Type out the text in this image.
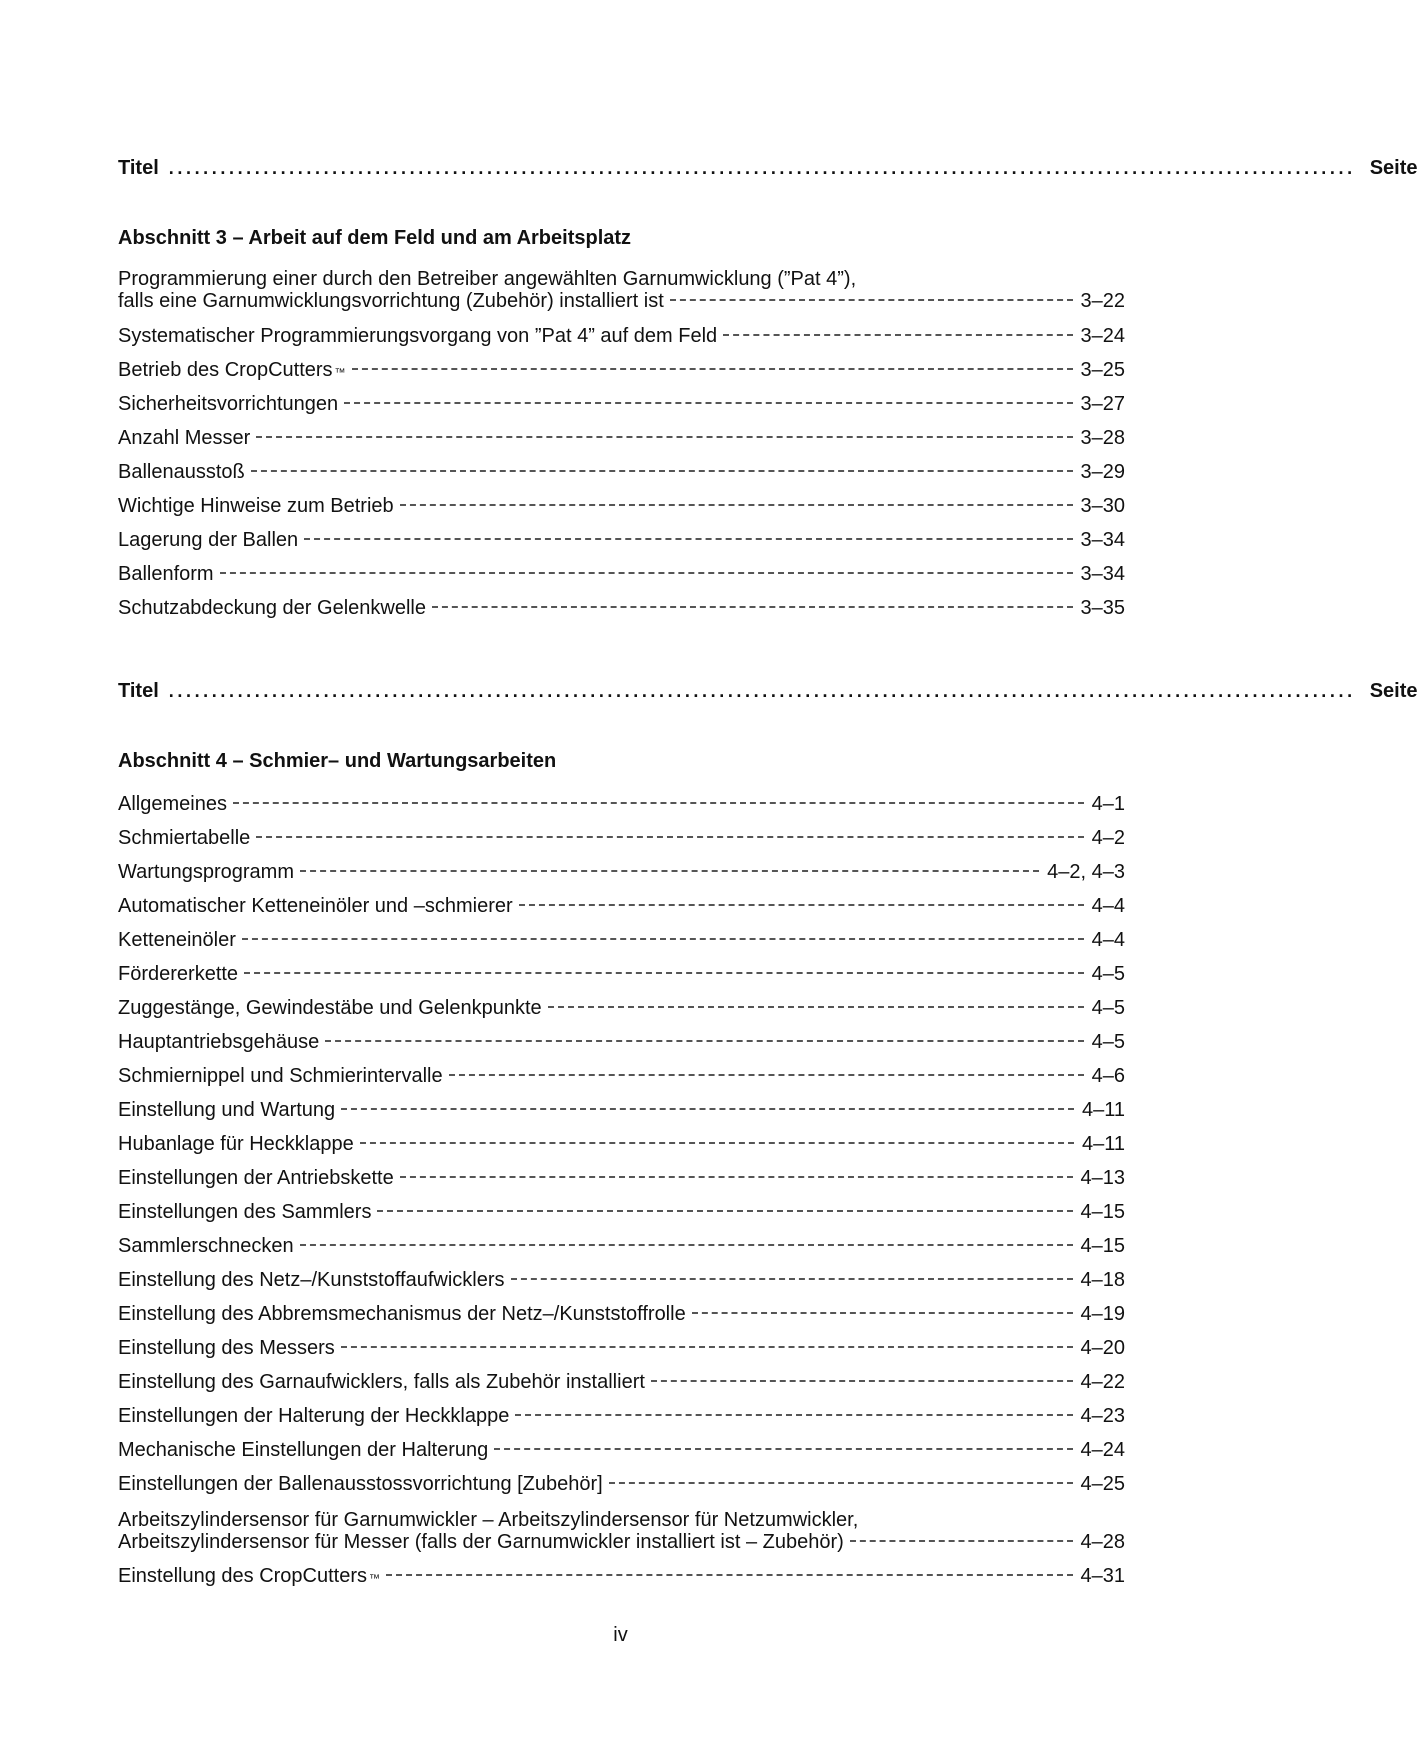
Titel .......................................................................................................................................... Seite
Abschnitt 3 – Arbeit auf dem Feld und am Arbeitsplatz
Programmierung einer durch den Betreiber angewählten Garnumwicklung (”Pat 4”),
falls eine Garnumwicklungsvorrichtung (Zubehör) installiert ist	3–22
Systematischer Programmierungsvorgang von ”Pat 4” auf dem Feld	3–24
Betrieb des CropCutters ™	3–25
Sicherheitsvorrichtungen	3–27
Anzahl Messer	3–28
Ballenausstoß	3–29
Wichtige Hinweise zum Betrieb	3–30
Lagerung der Ballen	3–34
Ballenform	3–34
Schutzabdeckung der Gelenkwelle	3–35
Titel .......................................................................................................................................... Seite
Abschnitt 4 – Schmier– und Wartungsarbeiten
Allgemeines	4–1
Schmiertabelle	4–2
Wartungsprogramm	4–2, 4–3
Automatischer Ketteneinöler und –schmierer	4–4
Ketteneinöler	4–4
Fördererkette	4–5
Zuggestänge, Gewindestäbe und Gelenkpunkte	4–5
Hauptantriebsgehäuse	4–5
Schmiernippel und Schmierintervalle	4–6
Einstellung und Wartung	4–11
Hubanlage für Heckklappe	4–11
Einstellungen der Antriebskette	4–13
Einstellungen des Sammlers	4–15
Sammlerschnecken	4–15
Einstellung des Netz–/Kunststoffaufwicklers	4–18
Einstellung des Abbremsmechanismus der Netz–/Kunststoffrolle	4–19
Einstellung des Messers	4–20
Einstellung des Garnaufwicklers, falls als Zubehör installiert	4–22
Einstellungen der Halterung der Heckklappe	4–23
Mechanische Einstellungen der Halterung	4–24
Einstellungen der Ballenausstossvorrichtung [Zubehör]	4–25
Arbeitszylindersensor für Garnumwickler – Arbeitszylindersensor für Netzumwickler,
Arbeitszylindersensor für Messer (falls der Garnumwickler installiert ist – Zubehör)	4–28
Einstellung des CropCutters ™	4–31
iv
